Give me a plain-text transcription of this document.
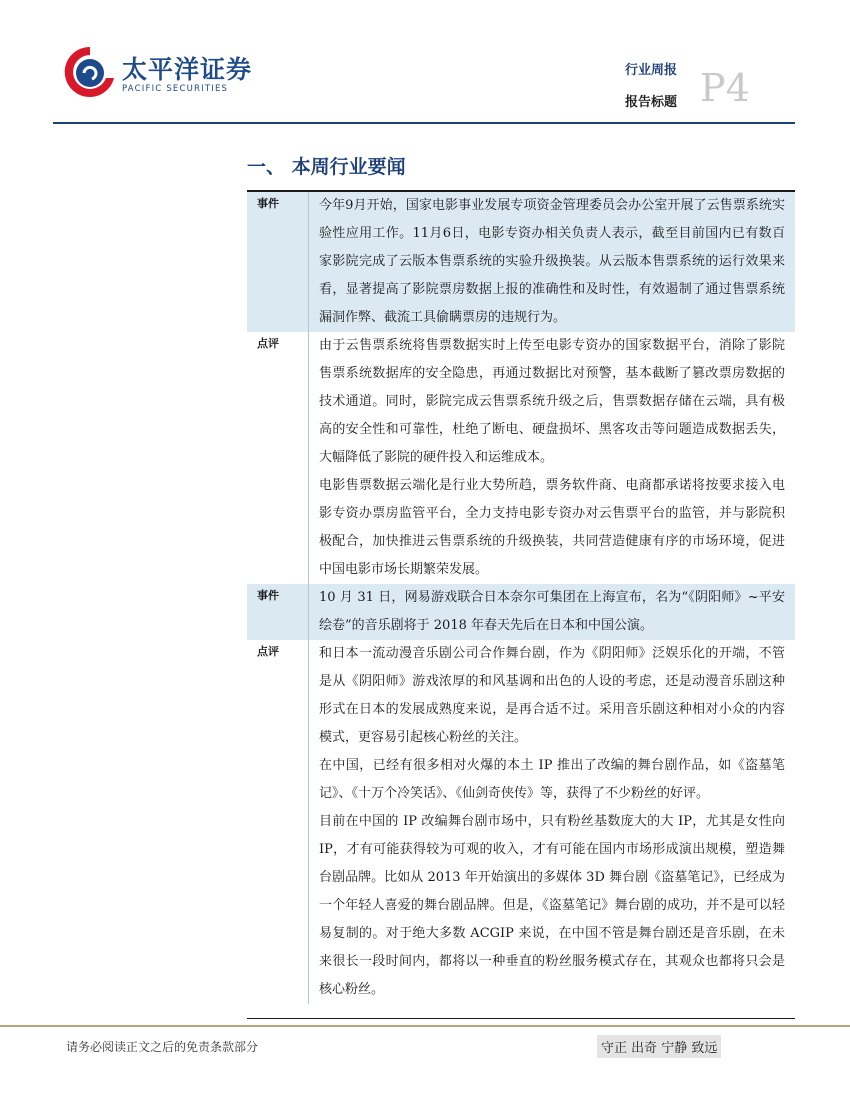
太平洋证券
PACIFIC SECURITIES
行业周报
报告标题 P4
一、 本周行业要闻
事件	今年9月开始，国家电影事业发展专项资金管理委员会办公室开展了云售票系统实验性应用工作。11月6日，电影专资办相关负责人表示，截至目前国内已有数百家影院完成了云版本售票系统的实验升级换装。从云版本售票系统的运行效果来看，显著提高了影院票房数据上报的准确性和及时性，有效遏制了通过售票系统漏洞作弊、截流工具偷瞒票房的违规行为。

点评	由于云售票系统将售票数据实时上传至电影专资办的国家数据平台，消除了影院售票系统数据库的安全隐患，再通过数据比对预警，基本截断了篡改票房数据的技术通道。同时，影院完成云售票系统升级之后，售票数据存储在云端，具有极高的安全性和可靠性，杜绝了断电、硬盘损坏、黑客攻击等问题造成数据丢失，大幅降低了影院的硬件投入和运维成本。

电影售票数据云端化是行业大势所趋，票务软件商、电商都承诺将按要求接入电影专资办票房监管平台，全力支持电影专资办对云售票平台的监管，并与影院积极配合，加快推进云售票系统的升级换装，共同营造健康有序的市场环境，促进中国电影市场长期繁荣发展。

事件	10 月 31 日，网易游戏联合日本奈尔可集团在上海宣布，名为“《阴阳师》~平安绘卷”的音乐剧将于 2018 年春天先后在日本和中国公演。

点评	和日本一流动漫音乐剧公司合作舞台剧，作为《阴阳师》泛娱乐化的开端，不管是从《阴阳师》游戏浓厚的和风基调和出色的人设的考虑，还是动漫音乐剧这种形式在日本的发展成熟度来说，是再合适不过。采用音乐剧这种相对小众的内容模式，更容易引起核心粉丝的关注。

在中国，已经有很多相对火爆的本土 IP 推出了改编的舞台剧作品，如《盗墓笔记》、《十万个冷笑话》、《仙剑奇侠传》等，获得了不少粉丝的好评。

目前在中国的 IP 改编舞台剧市场中，只有粉丝基数庞大的大 IP，尤其是女性向 IP，才有可能获得较为可观的收入，才有可能在国内市场形成演出规模，塑造舞台剧品牌。比如从 2013 年开始演出的多媒体 3D 舞台剧《盗墓笔记》，已经成为一个年轻人喜爱的舞台剧品牌。但是，《盗墓笔记》舞台剧的成功，并不是可以轻易复制的。对于绝大多数 ACGIP 来说，在中国不管是舞台剧还是音乐剧，在未来很长一段时间内，都将以一种垂直的粉丝服务模式存在，其观众也都将只会是核心粉丝。

请务必阅读正文之后的免责条款部分	守正 出奇 宁静 致远
